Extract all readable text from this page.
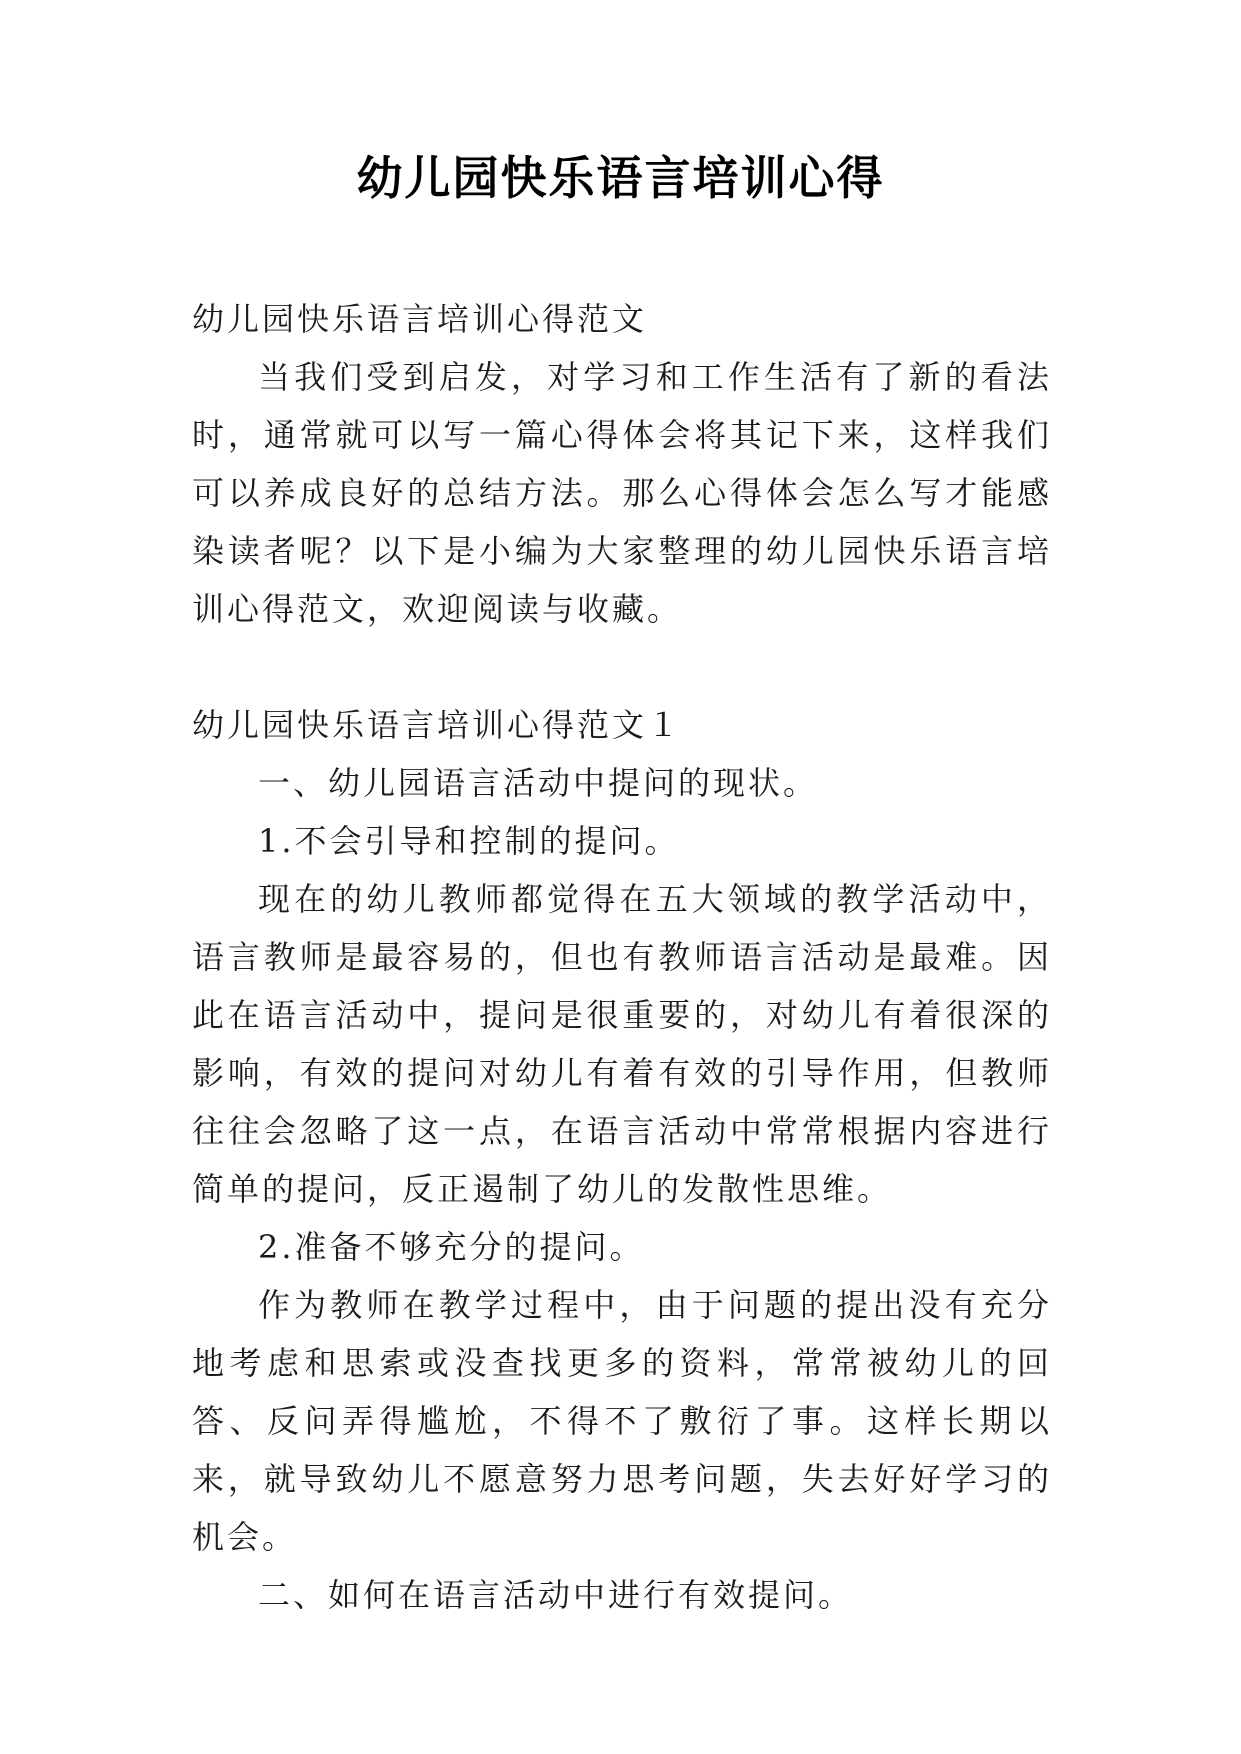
幼儿园快乐语言培训心得

幼儿园快乐语言培训心得范文

当我们受到启发，对学习和工作生活有了新的看法时，通常就可以写一篇心得体会将其记下来，这样我们可以养成良好的总结方法。那么心得体会怎么写才能感染读者呢？以下是小编为大家整理的幼儿园快乐语言培训心得范文，欢迎阅读与收藏。

幼儿园快乐语言培训心得范文１

一、幼儿园语言活动中提问的现状。

1.不会引导和控制的提问。

现在的幼儿教师都觉得在五大领域的教学活动中，语言教师是最容易的，但也有教师语言活动是最难。因此在语言活动中，提问是很重要的，对幼儿有着很深的影响，有效的提问对幼儿有着有效的引导作用，但教师往往会忽略了这一点，在语言活动中常常根据内容进行简单的提问，反正遏制了幼儿的发散性思维。

2.准备不够充分的提问。

作为教师在教学过程中，由于问题的提出没有充分地考虑和思索或没查找更多的资料，常常被幼儿的回答、反问弄得尴尬，不得不了敷衍了事。这样长期以来，就导致幼儿不愿意努力思考问题，失去好好学习的机会。

二、如何在语言活动中进行有效提问。
